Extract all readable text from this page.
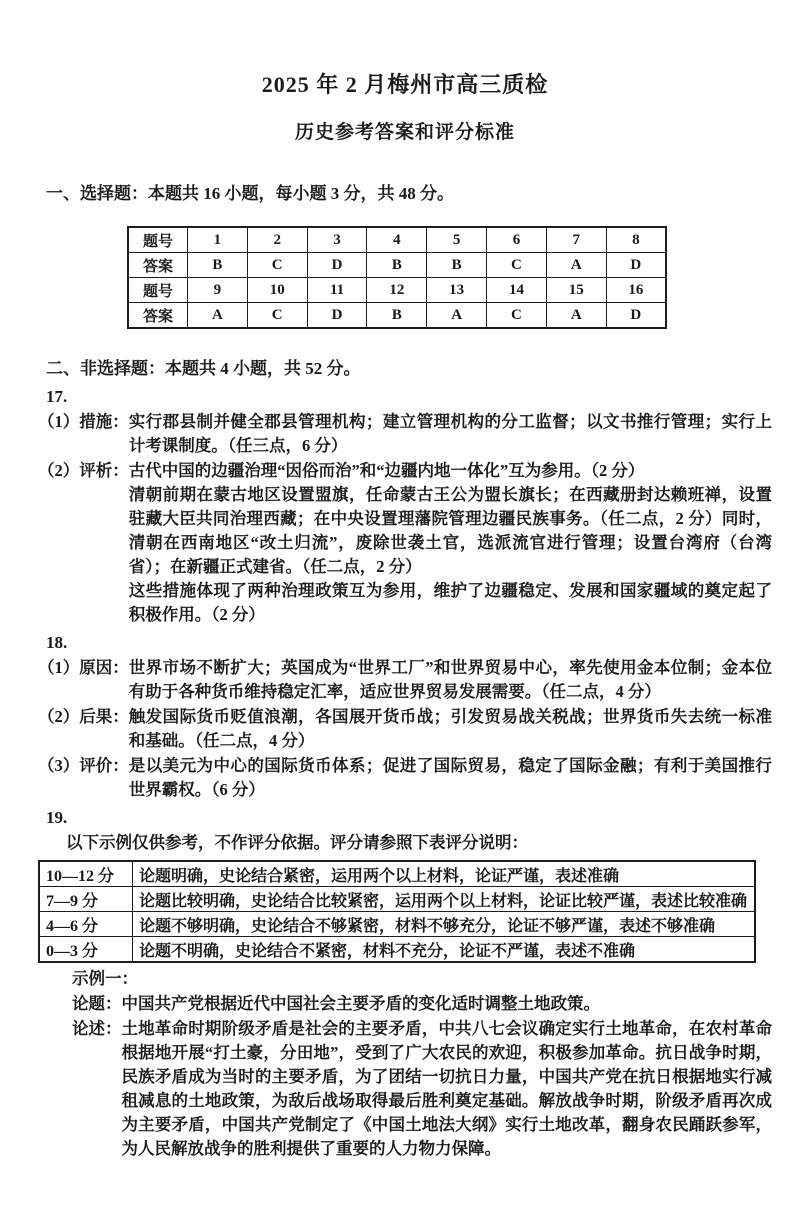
2025 年 2 月梅州市高三质检
历史参考答案和评分标准
一、选择题：本题共 16 小题，每小题 3 分，共 48 分。
题号	1	2	3	4	5	6	7	8
答案	B	C	D	B	B	C	A	D
题号	9	10	11	12	13	14	15	16
答案	A	C	D	B	A	C	A	D
二、非选择题：本题共 4 小题，共 52 分。
17.
（1）措施： 实行郡县制并健全郡县管理机构；建立管理机构的分工监督；以文书推行管理；实行上计考课制度。（任三点，6 分）

（2）评析： 古代中国的边疆治理“因俗而治”和“边疆内地一体化”互为参用。（2 分）

清朝前期在蒙古地区设置盟旗，任命蒙古王公为盟长旗长；在西藏册封达赖班禅，设置驻藏大臣共同治理西藏；在中央设置理藩院管理边疆民族事务。（任二点，2 分）同时，清朝在西南地区“改土归流”，废除世袭土官，选派流官进行管理；设置台湾府（台湾省）；在新疆正式建省。（任二点，2 分）

这些措施体现了两种治理政策互为参用，维护了边疆稳定、发展和国家疆域的奠定起了积极作用。（2 分）

18.
（1）原因： 世界市场不断扩大；英国成为“世界工厂”和世界贸易中心，率先使用金本位制；金本位有助于各种货币维持稳定汇率，适应世界贸易发展需要。（任二点，4 分）

（2）后果： 触发国际货币贬值浪潮，各国展开货币战；引发贸易战关税战；世界货币失去统一标准和基础。（任二点，4 分）

（3）评价： 是以美元为中心的国际货币体系；促进了国际贸易，稳定了国际金融；有利于美国推行世界霸权。（6 分）

19.
以下示例仅供参考，不作评分依据。评分请参照下表评分说明：
10—12 分	论题明确，史论结合紧密，运用两个以上材料，论证严谨，表述准确
7—9 分	论题比较明确，史论结合比较紧密，运用两个以上材料，论证比较严谨，表述比较准确
4—6 分	论题不够明确，史论结合不够紧密，材料不够充分，论证不够严谨，表述不够准确
0—3 分	论题不明确，史论结合不紧密，材料不充分，论证不严谨，表述不准确
示例一：
论题： 中国共产党根据近代中国社会主要矛盾的变化适时调整土地政策。

论述： 土地革命时期阶级矛盾是社会的主要矛盾，中共八七会议确定实行土地革命，在农村革命根据地开展“打土豪，分田地”，受到了广大农民的欢迎，积极参加革命。抗日战争时期，民族矛盾成为当时的主要矛盾，为了团结一切抗日力量，中国共产党在抗日根据地实行减租减息的土地政策，为敌后战场取得最后胜利奠定基础。解放战争时期，阶级矛盾再次成为主要矛盾，中国共产党制定了《中国土地法大纲》实行土地改革，翻身农民踊跃参军，为人民解放战争的胜利提供了重要的人力物力保障。
